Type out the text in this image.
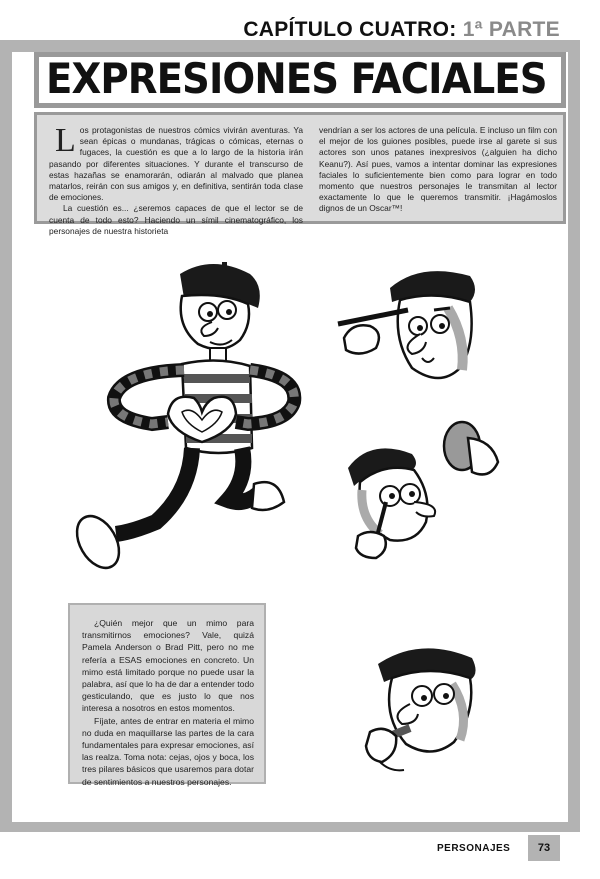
CAPÍTULO CUATRO: 1ª PARTE
EXPRESIONES FACIALES
L os protagonistas de nuestros cómics vivirán aventuras. Ya sean épicas o mundanas, trágicas o cómicas, eternas o fugaces, la cuestión es que a lo largo de la historia irán pasando por diferentes situaciones. Y durante el transcurso de estas hazañas se enamorarán, odiarán al malvado que planea matarlos, reirán con sus amigos y, en definitiva, sentirán toda clase de emociones.

La cuestión es... ¿seremos capaces de que el lector se de cuenta de todo esto? Haciendo un símil cinematográfico, los personajes de nuestra historieta

vendrían a ser los actores de una película. E incluso un film con el mejor de los guiones posibles, puede irse al garete si sus actores son unos patanes inexpresivos (¿alguien ha dicho Keanu?). Así pues, vamos a intentar dominar las expresiones faciales lo suficientemente bien como para lograr en todo momento que nuestros personajes le transmitan al lector exactamente lo que le queremos transmitir. ¡Hagámoslos dignos de un Oscar™!

¿Quién mejor que un mimo para transmitirnos emociones? Vale, quizá Pamela Anderson o Brad Pitt, pero no me refería a ESAS emociones en concreto. Un mimo está limitado porque no puede usar la palabra, así que lo ha de dar a entender todo gesticulando, que es justo lo que nos interesa a nosotros en estos momentos.

Fíjate, antes de entrar en materia el mimo no duda en maquillarse las partes de la cara fundamentales para expresar emociones, así las realza. Toma nota: cejas, ojos y boca, los tres pilares básicos que usaremos para dotar de sentimientos a nuestros personajes.

PERSONAJES	73
